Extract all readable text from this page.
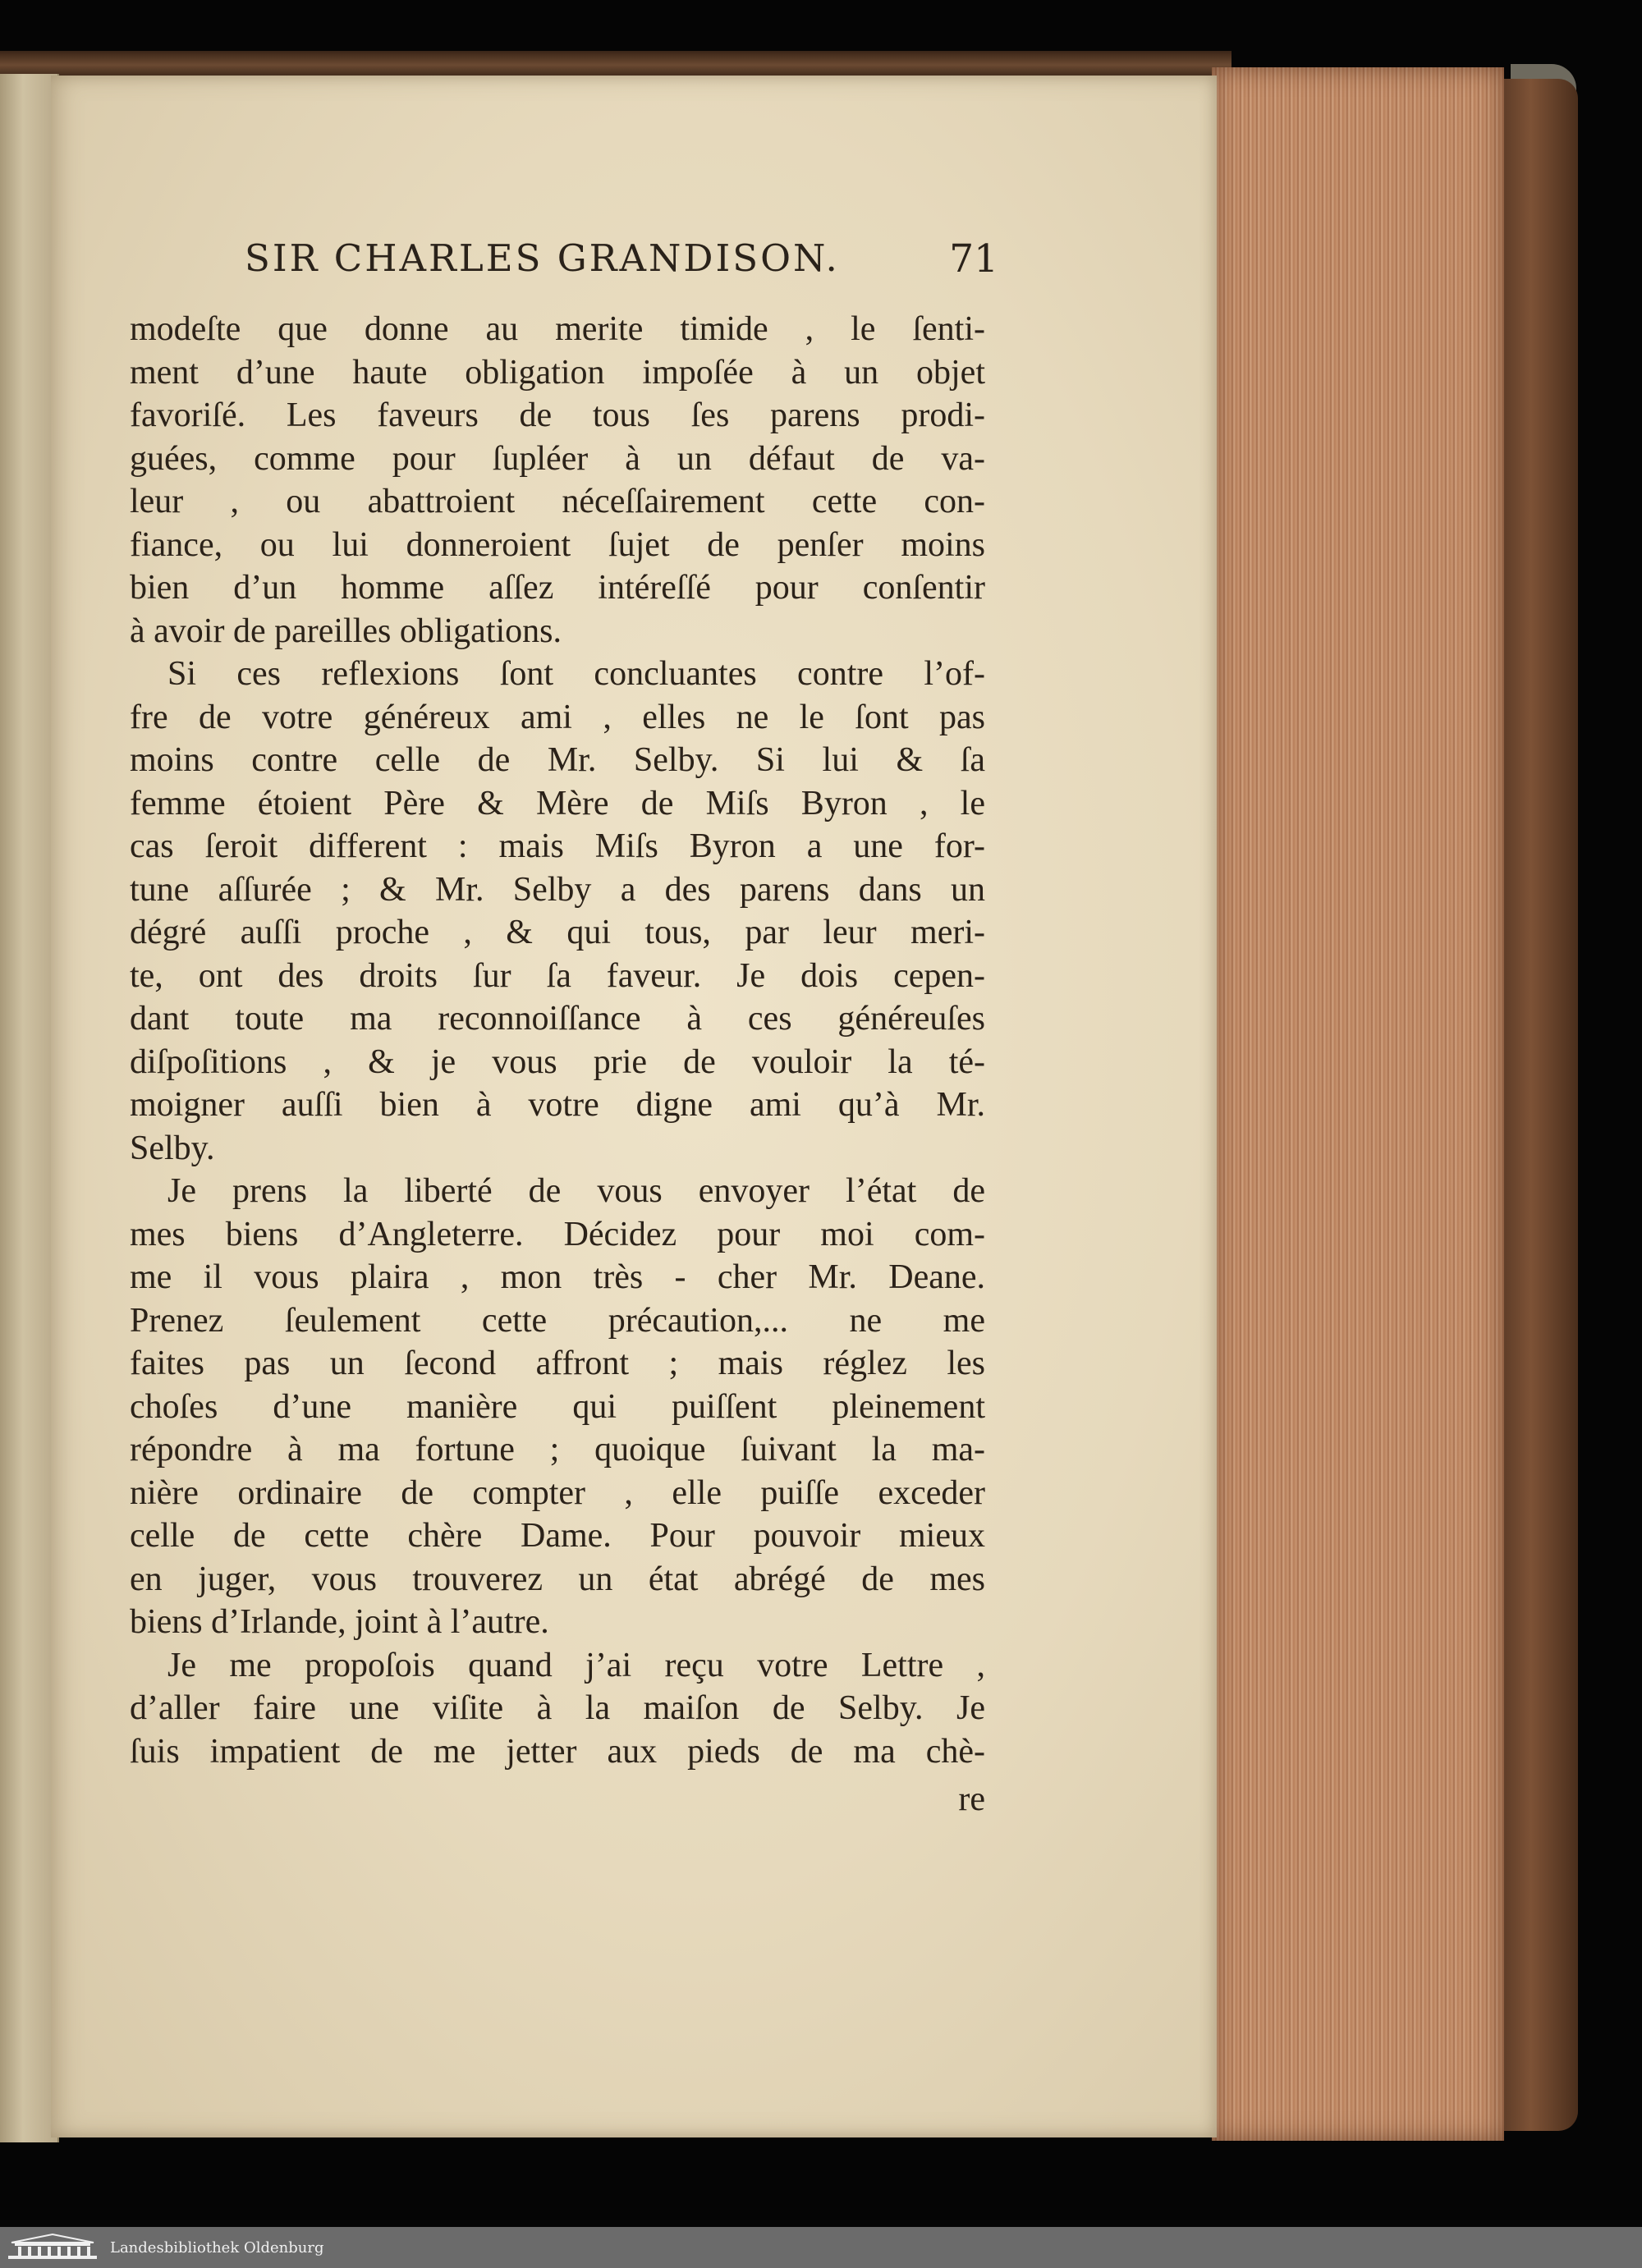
SIR CHARLES GRANDISON.	71
modeſte que donne au merite timide , le ſenti-
ment d’une haute obligation impoſée à un objet
favoriſé. Les faveurs de tous ſes parens prodi-
guées, comme pour ſupléer à un défaut de va-
leur , ou abattroient néceſſairement cette con-
fiance, ou lui donneroient ſujet de penſer moins
bien d’un homme aſſez intéreſſé pour conſentir
à avoir de pareilles obligations.
Si ces reflexions ſont concluantes contre l’of-
fre de votre généreux ami , elles ne le ſont pas
moins contre celle de Mr. Selby. Si lui & ſa
femme étoient Père & Mère de Miſs Byron , le
cas ſeroit different : mais Miſs Byron a une for-
tune aſſurée ; & Mr. Selby a des parens dans un
dégré auſſi proche , & qui tous, par leur meri-
te, ont des droits ſur ſa faveur. Je dois cepen-
dant toute ma reconnoiſſance à ces généreuſes
diſpoſitions , & je vous prie de vouloir la té-
moigner auſſi bien à votre digne ami qu’à Mr.
Selby.
Je prens la liberté de vous envoyer l’état de
mes biens d’Angleterre. Décidez pour moi com-
me il vous plaira , mon très - cher Mr. Deane.
Prenez ſeulement cette précaution,... ne me
faites pas un ſecond affront ; mais réglez les
choſes d’une manière qui puiſſent pleinement
répondre à ma fortune ; quoique ſuivant la ma-
nière ordinaire de compter , elle puiſſe exceder
celle de cette chère Dame. Pour pouvoir mieux
en juger, vous trouverez un état abrégé de mes
biens d’Irlande, joint à l’autre.
Je me propoſois quand j’ai reçu votre Lettre ,
d’aller faire une viſite à la maiſon de Selby. Je
ſuis impatient de me jetter aux pieds de ma chè-
re
Landesbibliothek Oldenburg
